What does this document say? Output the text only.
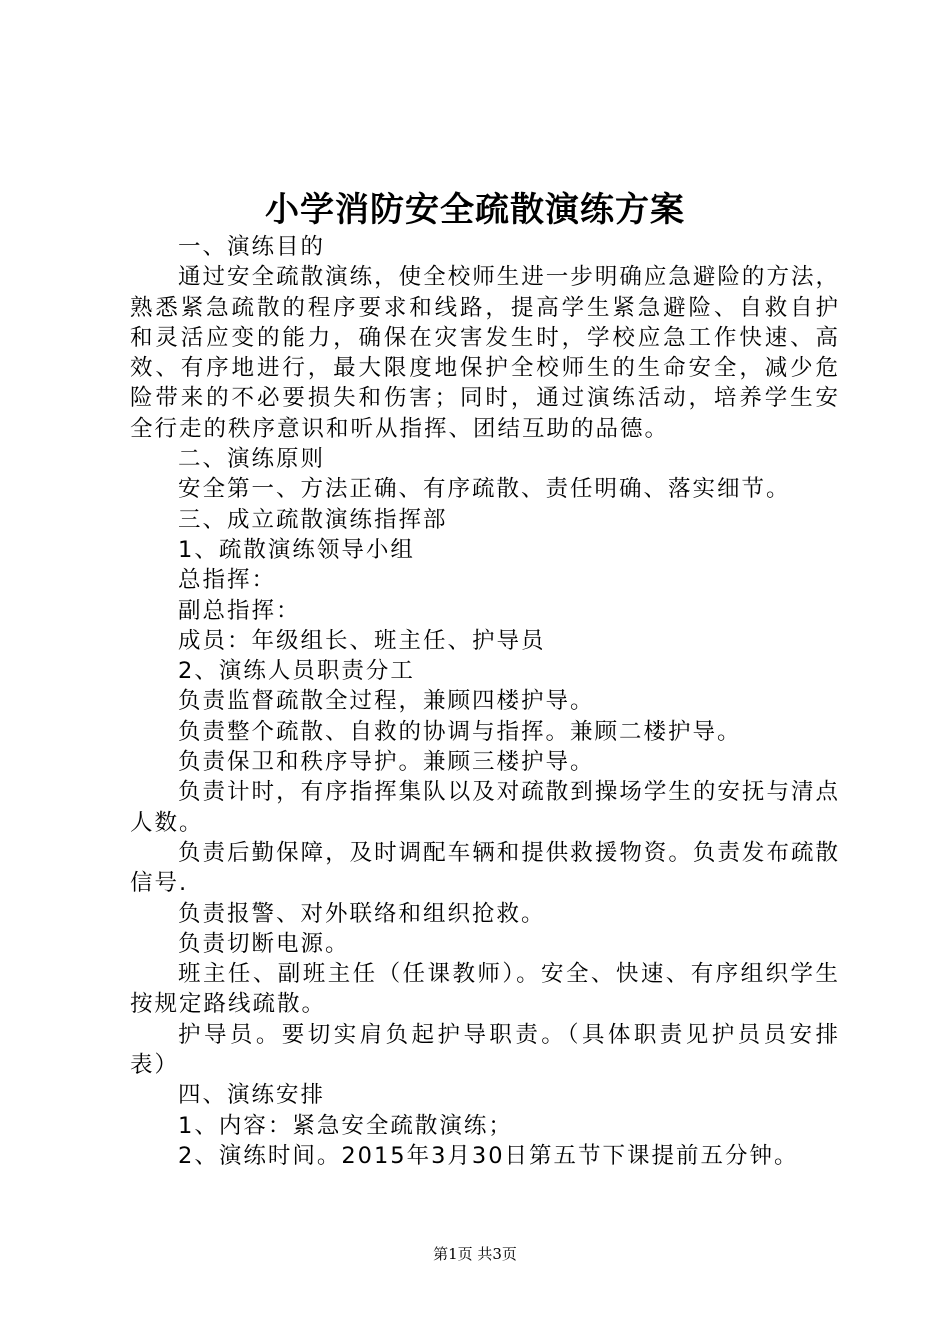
小学消防安全疏散演练方案

一、演练目的

通过安全疏散演练，使全校师生进一步明确应急避险的方法，熟悉紧急疏散的程序要求和线路，提高学生紧急避险、自救自护和灵活应变的能力，确保在灾害发生时，学校应急工作快速、高效、有序地进行，最大限度地保护全校师生的生命安全，减少危险带来的不必要损失和伤害；同时，通过演练活动，培养学生安全行走的秩序意识和听从指挥、团结互助的品德。

二、演练原则

安全第一、方法正确、有序疏散、责任明确、落实细节。

三、成立疏散演练指挥部

1、疏散演练领导小组

总指挥：

副总指挥：

成员：年级组长、班主任、护导员

2、演练人员职责分工

负责监督疏散全过程，兼顾四楼护导。

负责整个疏散、自救的协调与指挥。兼顾二楼护导。

负责保卫和秩序导护。兼顾三楼护导。

负责计时，有序指挥集队以及对疏散到操场学生的安抚与清点人数。

负责后勤保障，及时调配车辆和提供救援物资。负责发布疏散信号.

负责报警、对外联络和组织抢救。

负责切断电源。

班主任、副班主任（任课教师）。安全、快速、有序组织学生按规定路线疏散。

护导员。要切实肩负起护导职责。（具体职责见护员员安排表）

四、演练安排

1、内容：紧急安全疏散演练；

2、演练时间。2015年3月30日第五节下课提前五分钟。

第1页 共3页
